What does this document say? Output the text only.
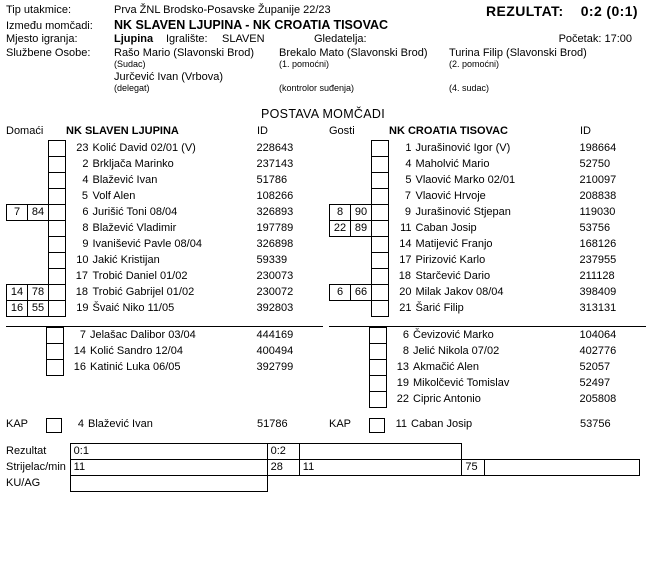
REZULTAT: 0:2 (0:1)
Tip utakmice:	Prva ŽNL Brodsko-Posavske Županije 22/23
Između momčadi:	NK SLAVEN LJUPINA - NK CROATIA TISOVAC
Mjesto igranja:	Ljupina	Igralište:	SLAVEN	Gledatelja:	Početak: 17:00
Službene Osobe:	Rašo Mario (Slavonski Brod)	Brekalo Mato (Slavonski Brod)	Turina Filip (Slavonski Brod)
(Sudac)	(1. pomoćni)	(2. pomoćni)
Jurčević Ivan (Vrbova)
(delegat)	(kontrolor suđenja)	(4. sudac)
POSTAVA MOMČADI
Domaći	NK SLAVEN LJUPINA	ID
			23	Kolić David 02/01 (V)	228643
			2	Brkljača Marinko	237143
			4	Blažević Ivan	51786
			5	Volf Alen	108266
7	84		6	Jurišić Toni 08/04	326893
			8	Blažević Vladimir	197789
			9	Ivanišević Pavle 08/04	326898
			10	Jakić Kristijan	59339
			17	Trobić Daniel 01/02	230073
14	78		18	Trobić Gabrijel 01/02	230072
16	55		19	Švaić Niko 11/05	392803
			7	Jelašac Dalibor 03/04	444169
			14	Kolić Sandro 12/04	400494
			16	Katinić Luka 06/05	392799
Gosti	NK CROATIA TISOVAC	ID
			1	Jurašinović Igor (V)	198664
			4	Maholvić Mario	52750
			5	Vlaović Marko 02/01	210097
			7	Vlaović Hrvoje	208838
8	90		9	Jurašinović Stjepan	119030
22	89		11	Caban Josip	53756
			14	Matijević Franjo	168126
			17	Pirizović Karlo	237955
			18	Starčević Dario	211128
6	66		20	Milak Jakov 08/04	398409
			21	Šarić Filip	313131
			6	Čevizović Marko	104064
			8	Jelić Nikola 07/02	402776
			13	Akmačić Alen	52057
			19	Mikolčević Tomislav	52497
			22	Cipric Antonio	205808
KAP	4 Blažević Ivan	51786	KAP	11 Caban Josip	53756
Rezultat	0:1	0:2			
Strijelac/min	11	28	11	75	
KU/AG					
